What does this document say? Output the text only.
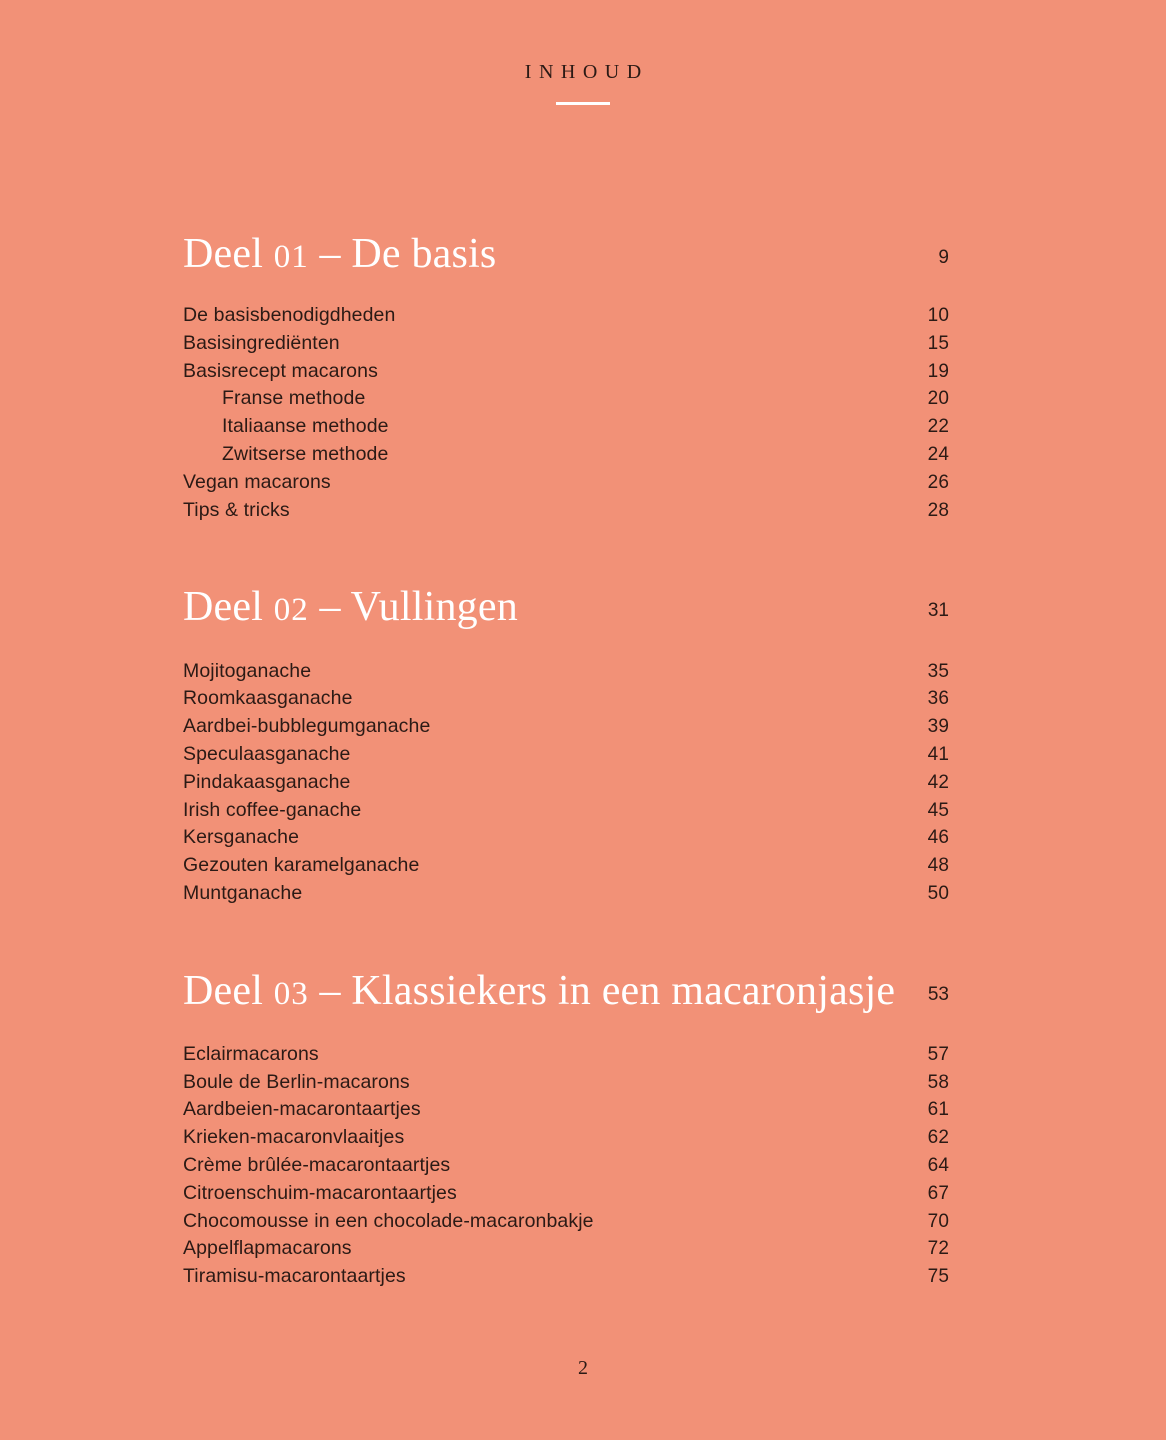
INHOUD
Deel 01 – De basis	9
De basisbenodigdheden	10
Basisingrediënten	15
Basisrecept macarons	19
Franse methode	20
Italiaanse methode	22
Zwitserse methode	24
Vegan macarons	26
Tips & tricks	28
Deel 02 – Vullingen	31
Mojitoganache	35
Roomkaasganache	36
Aardbei-bubblegumganache	39
Speculaasganache	41
Pindakaasganache	42
Irish coffee-ganache	45
Kersganache	46
Gezouten karamelganache	48
Muntganache	50
Deel 03 – Klassiekers in een macaronjasje	53
Eclairmacarons	57
Boule de Berlin-macarons	58
Aardbeien-macarontaartjes	61
Krieken-macaronvlaaitjes	62
Crème brûlée-macarontaartjes	64
Citroenschuim-macarontaartjes	67
Chocomousse in een chocolade-macaronbakje	70
Appelflapmacarons	72
Tiramisu-macarontaartjes	75
2
